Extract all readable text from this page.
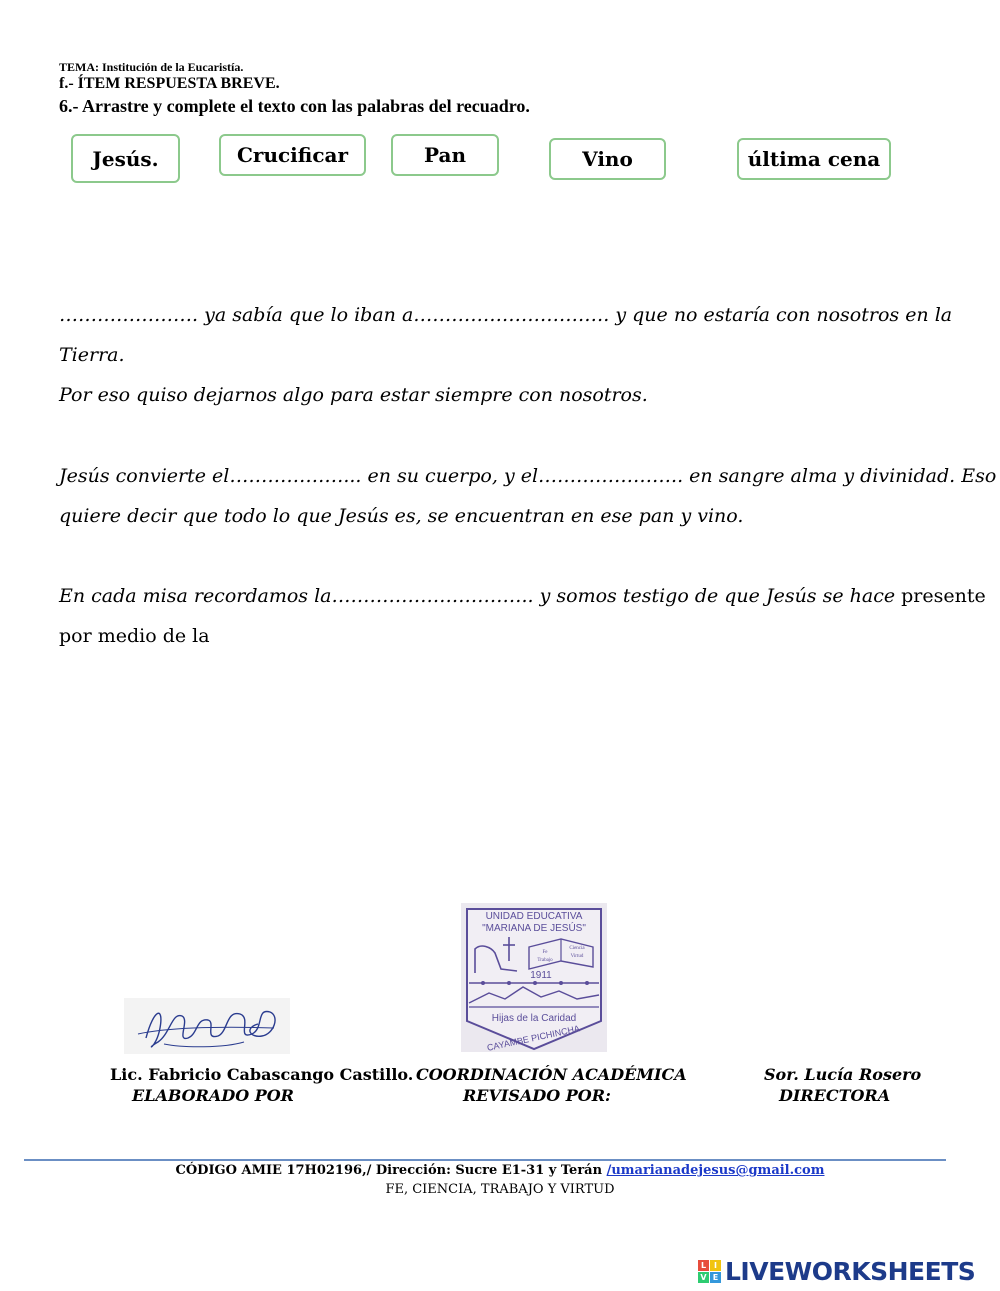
TEMA: Institución de la Eucaristía.
f.- ÍTEM RESPUESTA BREVE.
6.- Arrastre y complete el texto con las palabras del recuadro.
Jesús.	Crucificar	Pan	Vino	última cena
…………………. ya sabía que lo iban a…………………………. y que no estaría con nosotros en la
Tierra.
Por eso quiso dejarnos algo para estar siempre con nosotros.
Jesús convierte el………………... en su cuerpo, y el………………….. en sangre alma y divinidad. Eso
quiere decir que todo lo que Jesús es, se encuentran en ese pan y vino.
En cada misa recordamos la………………………….. y somos testigo de que Jesús se hace presente
por medio de la
UNIDAD EDUCATIVA
"MARIANA DE JESÚS"
Fe
Ciencia
Trabajo
Virtud
1911
Hijas de la Caridad
CAYAMBE PICHINCHA
Lic. Fabricio Cabascango Castillo.
ELABORADO POR
COORDINACIÓN ACADÉMICA
REVISADO POR:
Sor. Lucía Rosero
DIRECTORA
CÓDIGO AMIE 17H02196,/ Dirección: Sucre E1-31 y Terán /umarianadejesus@gmail.com
FE, CIENCIA, TRABAJO Y VIRTUD
L I
V E LIVEWORKSHEETS
